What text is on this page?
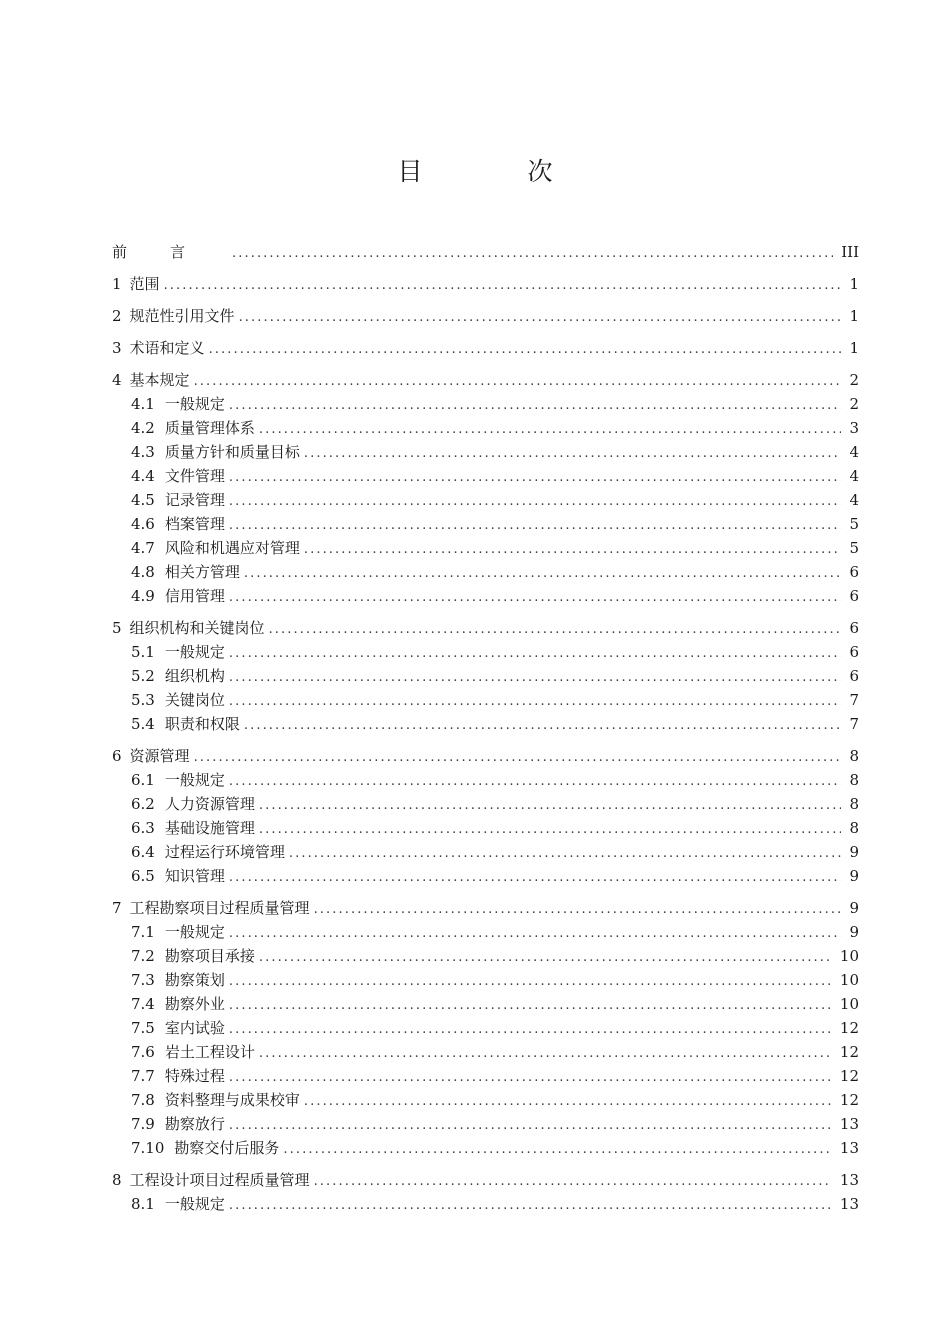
目　次
前言 .....	III
1 范围 .....	1
2 规范性引用文件 .....	1
3 术语和定义 .....	1
4 基本规定 .....	2
4.1 一般规定 .....	2
4.2 质量管理体系 .....	3
4.3 质量方针和质量目标 .....	4
4.4 文件管理 .....	4
4.5 记录管理 .....	4
4.6 档案管理 .....	5
4.7 风险和机遇应对管理 .....	5
4.8 相关方管理 .....	6
4.9 信用管理 .....	6
5 组织机构和关键岗位 .....	6
5.1 一般规定 .....	6
5.2 组织机构 .....	6
5.3 关键岗位 .....	7
5.4 职责和权限 .....	7
6 资源管理 .....	8
6.1 一般规定 .....	8
6.2 人力资源管理 .....	8
6.3 基础设施管理 .....	8
6.4 过程运行环境管理 .....	9
6.5 知识管理 .....	9
7 工程勘察项目过程质量管理 .....	9
7.1 一般规定 .....	9
7.2 勘察项目承接 .....	10
7.3 勘察策划 .....	10
7.4 勘察外业 .....	10
7.5 室内试验 .....	12
7.6 岩土工程设计 .....	12
7.7 特殊过程 .....	12
7.8 资料整理与成果校审 .....	12
7.9 勘察放行 .....	13
7.10 勘察交付后服务 .....	13
8 工程设计项目过程质量管理 .....	13
8.1 一般规定 .....	13
